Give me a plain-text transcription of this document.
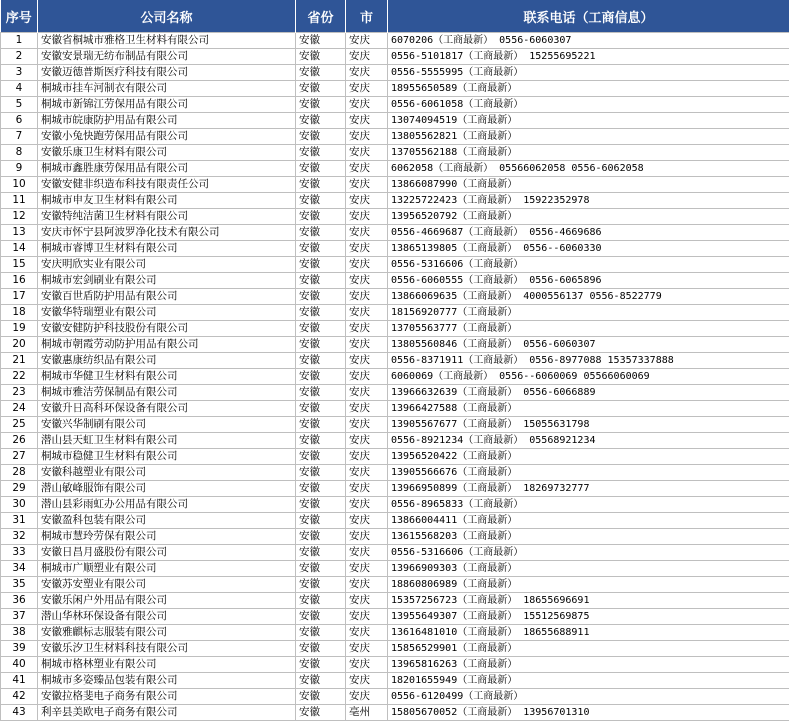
序号	公司名称	省份	市	联系电话（工商信息）
1	安徽省桐城市雅格卫生材料有限公司	安徽	安庆	6070206（工商最新） 0556-6060307
2	安徽安景瑞无纺布制品有限公司	安徽	安庆	0556-5101817（工商最新） 15255695221
3	安徽迈德普斯医疗科技有限公司	安徽	安庆	0556-5555995（工商最新）
4	桐城市挂车河制衣有限公司	安徽	安庆	18955650589（工商最新）
5	桐城市新锦江劳保用品有限公司	安徽	安庆	0556-6061058（工商最新）
6	桐城市皖康防护用品有限公司	安徽	安庆	13074094519（工商最新）
7	安徽小兔快跑劳保用品有限公司	安徽	安庆	13805562821（工商最新）
8	安徽乐康卫生材料有限公司	安徽	安庆	13705562188（工商最新）
9	桐城市鑫胜康劳保用品有限公司	安徽	安庆	6062058（工商最新） 05566062058 0556-6062058
10	安徽安健非织造布科技有限责任公司	安徽	安庆	13866087990（工商最新）
11	桐城市申友卫生材料有限公司	安徽	安庆	13225722423（工商最新） 15922352978
12	安徽特纯洁菌卫生材料有限公司	安徽	安庆	13956520792（工商最新）
13	安庆市怀宁县阿波罗净化技术有限公司	安徽	安庆	0556-4669687（工商最新） 0556-4669686
14	桐城市睿博卫生材料有限公司	安徽	安庆	13865139805（工商最新） 0556--6060330
15	安庆明欣实业有限公司	安徽	安庆	0556-5316606（工商最新）
16	桐城市宏剑刷业有限公司	安徽	安庆	0556-6060555（工商最新） 0556-6065896
17	安徽百世盾防护用品有限公司	安徽	安庆	13866069635（工商最新） 4000556137 0556-8522779
18	安徽华特瑞塑业有限公司	安徽	安庆	18156920777（工商最新）
19	安徽安健防护科技股份有限公司	安徽	安庆	13705563777（工商最新）
20	桐城市朝霞劳动防护用品有限公司	安徽	安庆	13805560846（工商最新） 0556-6060307
21	安徽惠康纺织品有限公司	安徽	安庆	0556-8371911（工商最新） 0556-8977088 15357337888
22	桐城市华健卫生材料有限公司	安徽	安庆	6060069（工商最新） 0556--6060069 05566060069
23	桐城市雅洁劳保制品有限公司	安徽	安庆	13966632639（工商最新） 0556-6066889
24	安徽升日高科环保设备有限公司	安徽	安庆	13966427588（工商最新）
25	安徽兴华制刷有限公司	安徽	安庆	13905567677（工商最新） 15055631798
26	潜山县天虹卫生材料有限公司	安徽	安庆	0556-8921234（工商最新） 05568921234
27	桐城市稳健卫生材料有限公司	安徽	安庆	13956520422（工商最新）
28	安徽科越塑业有限公司	安徽	安庆	13905566676（工商最新）
29	潜山敏峰服饰有限公司	安徽	安庆	13966950899（工商最新） 18269732777
30	潜山县彩雨虹办公用品有限公司	安徽	安庆	0556-8965833（工商最新）
31	安徽盈科包装有限公司	安徽	安庆	13866004411（工商最新）
32	桐城市慧玲劳保有限公司	安徽	安庆	13615568203（工商最新）
33	安徽日昌月盛股份有限公司	安徽	安庆	0556-5316606（工商最新）
34	桐城市广顺塑业有限公司	安徽	安庆	13966909303（工商最新）
35	安徽苏安塑业有限公司	安徽	安庆	18860806989（工商最新）
36	安徽乐闲户外用品有限公司	安徽	安庆	15357256723（工商最新） 18655696691
37	潜山华林环保设备有限公司	安徽	安庆	13955649307（工商最新） 15512569875
38	安徽雅麒标志服装有限公司	安徽	安庆	13616481010（工商最新） 18655688911
39	安徽乐汐卫生材料科技有限公司	安徽	安庆	15856529901（工商最新）
40	桐城市格林塑业有限公司	安徽	安庆	13965816263（工商最新）
41	桐城市多姿臻品包装有限公司	安徽	安庆	18201655949（工商最新）
42	安徽拉格斐电子商务有限公司	安徽	安庆	0556-6120499（工商最新）
43	利辛县美欧电子商务有限公司	安徽	亳州	15805670052（工商最新） 13956701310
